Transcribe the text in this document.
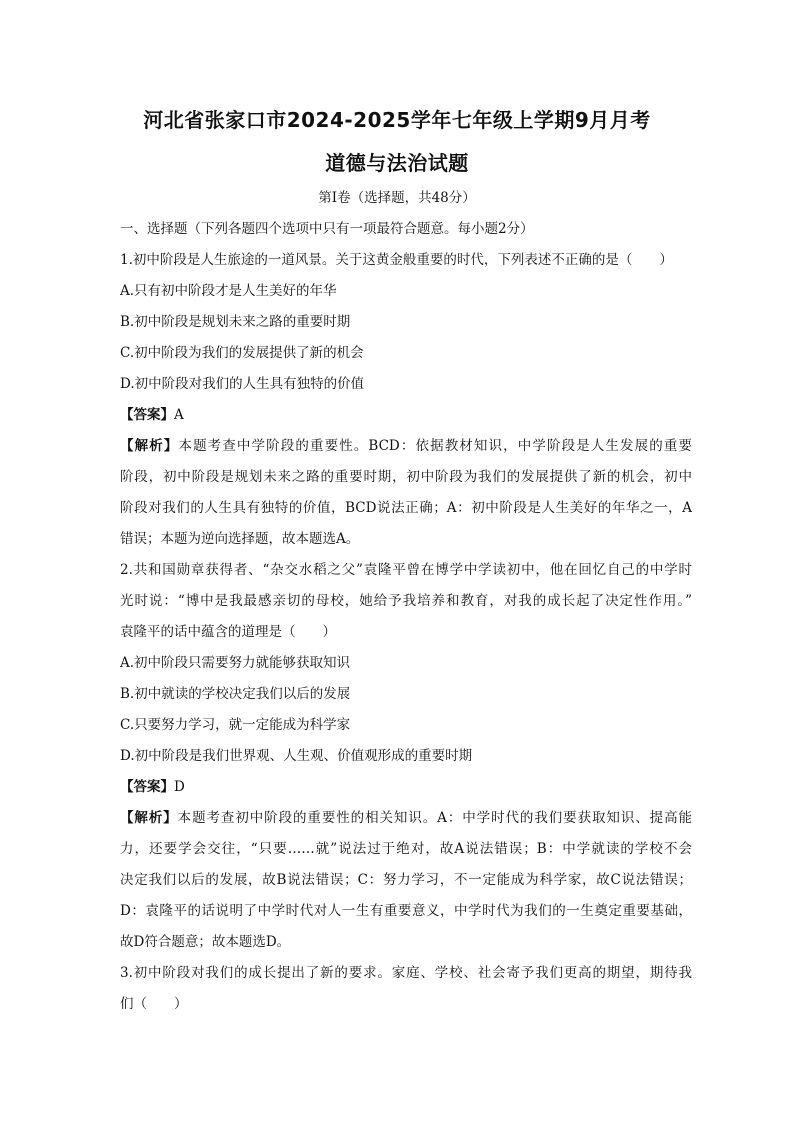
河北省张家口市2024-2025学年七年级上学期9月月考
道德与法治试题
第I卷（选择题，共48分）
一、选择题（下列各题四个选项中只有一项最符合题意。每小题2分）
1.初中阶段是人生旅途的一道风景。关于这黄金般重要的时代，下列表述不正确的是（　　）
A.只有初中阶段才是人生美好的年华
B.初中阶段是规划未来之路的重要时期
C.初中阶段为我们的发展提供了新的机会
D.初中阶段对我们的人生具有独特的价值
【答案】A
【解析】本题考查中学阶段的重要性。BCD：依据教材知识，中学阶段是人生发展的重要
阶段，初中阶段是规划未来之路的重要时期，初中阶段为我们的发展提供了新的机会，初中
阶段对我们的人生具有独特的价值，BCD说法正确；A：初中阶段是人生美好的年华之一，A
错误；本题为逆向选择题，故本题选A。
2.共和国勋章获得者、“杂交水稻之父”袁隆平曾在博学中学读初中，他在回忆自己的中学时
光时说：“博中是我最感亲切的母校，她给予我培养和教育，对我的成长起了决定性作用。”
袁隆平的话中蕴含的道理是（　　）
A.初中阶段只需要努力就能够获取知识
B.初中就读的学校决定我们以后的发展
C.只要努力学习，就一定能成为科学家
D.初中阶段是我们世界观、人生观、价值观形成的重要时期
【答案】D
【解析】本题考查初中阶段的重要性的相关知识。A：中学时代的我们要获取知识、提高能
力，还要学会交往，“只要……就”说法过于绝对，故A说法错误；B：中学就读的学校不会
决定我们以后的发展，故B说法错误；C：努力学习，不一定能成为科学家，故C说法错误；
D：袁隆平的话说明了中学时代对人一生有重要意义，中学时代为我们的一生奠定重要基础，
故D符合题意；故本题选D。
3.初中阶段对我们的成长提出了新的要求。家庭、学校、社会寄予我们更高的期望，期待我
们（　　）
